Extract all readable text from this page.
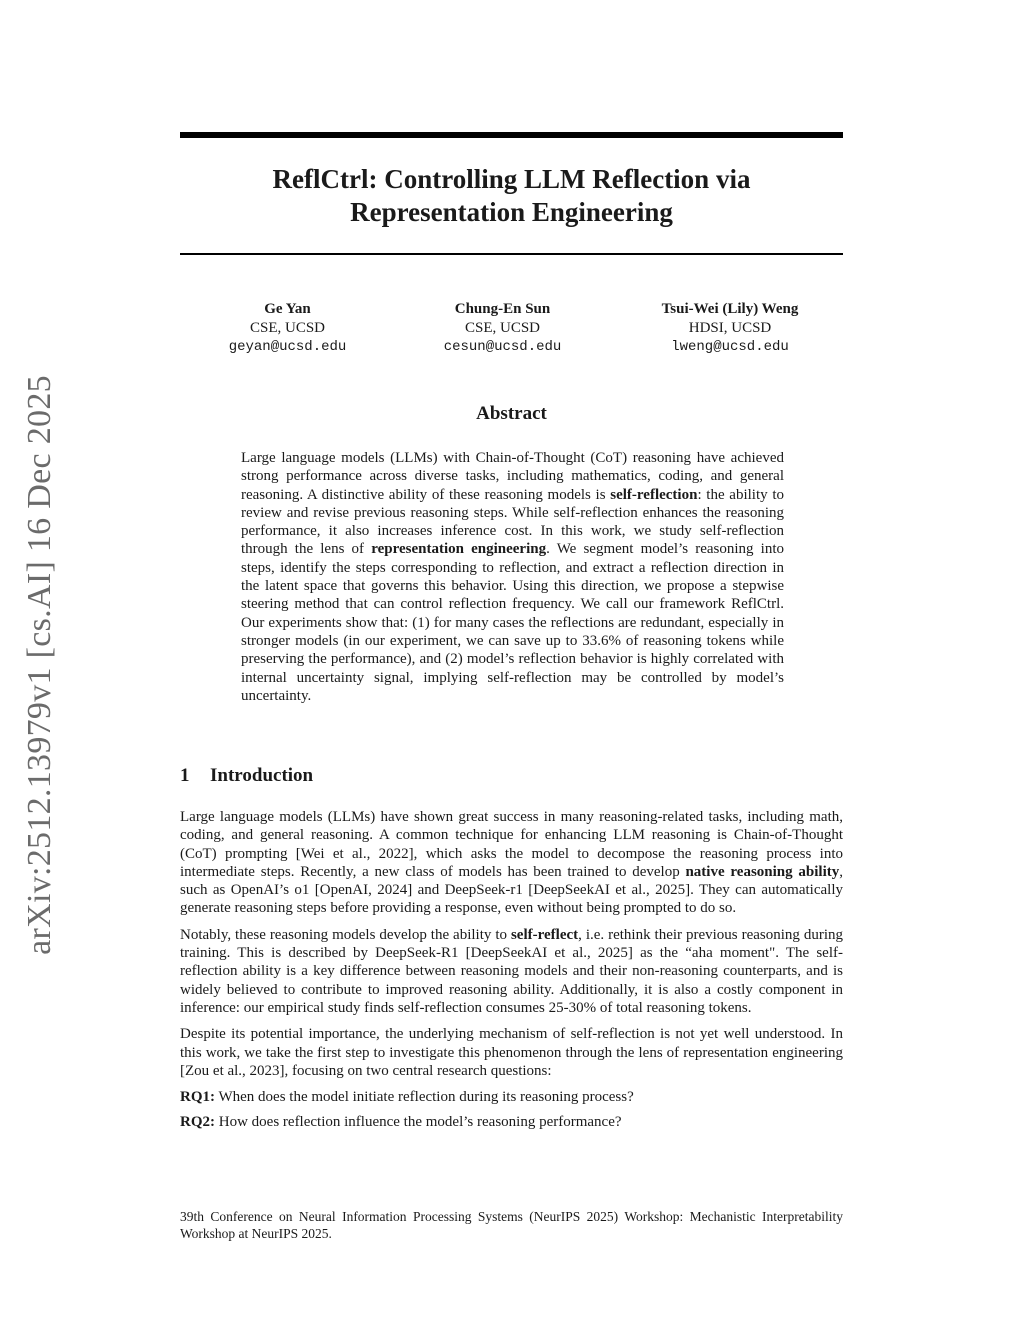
arXiv:2512.13979v1 [cs.AI] 16 Dec 2025
ReflCtrl: Controlling LLM Reflection via
Representation Engineering
Ge Yan
CSE, UCSD
geyan@ucsd.edu
Chung-En Sun
CSE, UCSD
cesun@ucsd.edu
Tsui-Wei (Lily) Weng
HDSI, UCSD
lweng@ucsd.edu
Abstract

Large language models (LLMs) with Chain-of-Thought (CoT) reasoning have achieved strong performance across diverse tasks, including mathematics, coding, and general reasoning. A distinctive ability of these reasoning models is self-reflection: the ability to review and revise previous reasoning steps. While self-reflection enhances the reasoning performance, it also increases inference cost. In this work, we study self-reflection through the lens of representation engineering. We segment model’s reasoning into steps, identify the steps corresponding to reflection, and extract a reflection direction in the latent space that governs this behavior. Using this direction, we propose a stepwise steering method that can control reflection frequency. We call our framework ReflCtrl. Our experiments show that: (1) for many cases the reflections are redundant, especially in stronger models (in our experiment, we can save up to 33.6% of reasoning tokens while preserving the performance), and (2) model’s reflection behavior is highly correlated with internal uncertainty signal, implying self-reflection may be controlled by model’s uncertainty.

1 Introduction

Large language models (LLMs) have shown great success in many reasoning-related tasks, including math, coding, and general reasoning. A common technique for enhancing LLM reasoning is Chain-of-Thought (CoT) prompting [Wei et al., 2022], which asks the model to decompose the reasoning process into intermediate steps. Recently, a new class of models has been trained to develop native reasoning ability, such as OpenAI’s o1 [OpenAI, 2024] and DeepSeek-r1 [DeepSeekAI et al., 2025]. They can automatically generate reasoning steps before providing a response, even without being prompted to do so.

Notably, these reasoning models develop the ability to self-reflect, i.e. rethink their previous reasoning during training. This is described by DeepSeek-R1 [DeepSeekAI et al., 2025] as the “aha moment". The self-reflection ability is a key difference between reasoning models and their non-reasoning counterparts, and is widely believed to contribute to improved reasoning ability. Additionally, it is also a costly component in inference: our empirical study finds self-reflection consumes 25-30% of total reasoning tokens.

Despite its potential importance, the underlying mechanism of self-reflection is not yet well understood. In this work, we take the first step to investigate this phenomenon through the lens of representation engineering [Zou et al., 2023], focusing on two central research questions:

RQ1: When does the model initiate reflection during its reasoning process?

RQ2: How does reflection influence the model’s reasoning performance?

39th Conference on Neural Information Processing Systems (NeurIPS 2025) Workshop: Mechanistic Interpretability Workshop at NeurIPS 2025.
